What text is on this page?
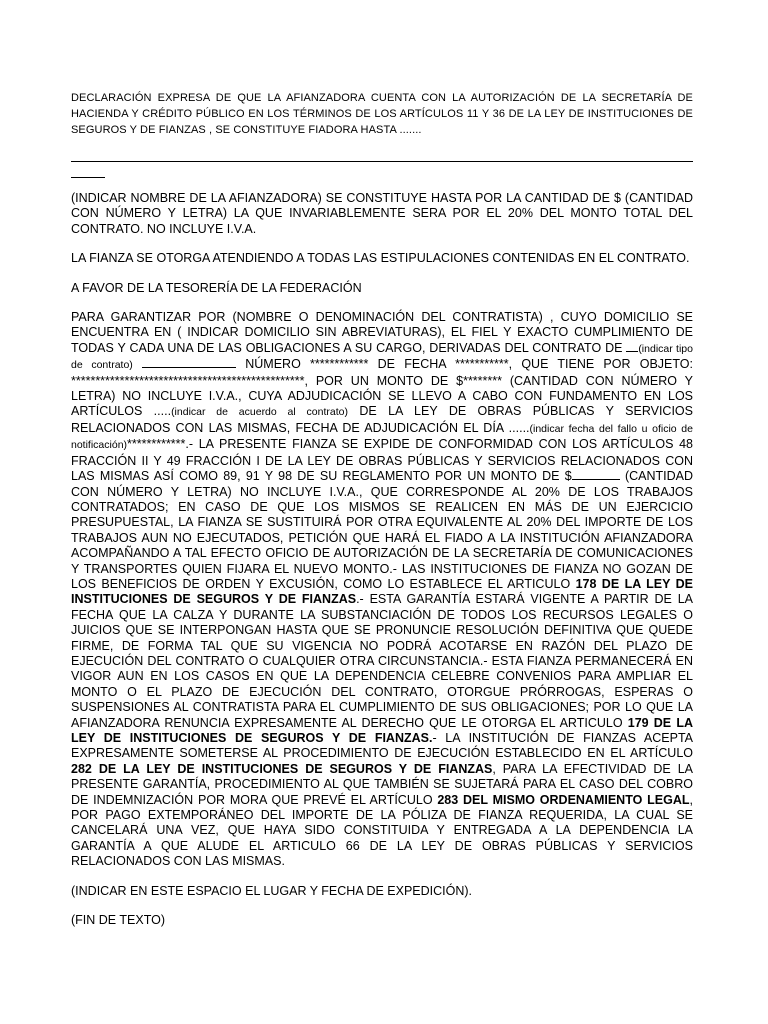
DECLARACIÓN EXPRESA DE QUE LA AFIANZADORA CUENTA CON LA AUTORIZACIÓN DE LA SECRETARÍA DE HACIENDA Y CRÉDITO PÚBLICO EN LOS TÉRMINOS DE LOS ARTÍCULOS 11 Y 36 DE LA LEY DE INSTITUCIONES DE SEGUROS Y DE FIANZAS , SE CONSTITUYE FIADORA HASTA .......

(INDICAR NOMBRE DE LA AFIANZADORA) SE CONSTITUYE HASTA POR LA CANTIDAD DE $ (CANTIDAD CON NÚMERO Y LETRA) LA QUE INVARIABLEMENTE SERA POR EL 20% DEL MONTO TOTAL DEL CONTRATO. NO INCLUYE I.V.A.

LA FIANZA SE OTORGA ATENDIENDO A TODAS LAS ESTIPULACIONES CONTENIDAS EN EL CONTRATO.

A FAVOR DE LA TESORERÍA DE LA FEDERACIÓN

PARA GARANTIZAR POR (NOMBRE O DENOMINACIÓN DEL CONTRATISTA) , CUYO DOMICILIO SE ENCUENTRA EN ( INDICAR DOMICILIO SIN ABREVIATURAS), EL FIEL Y EXACTO CUMPLIMIENTO DE TODAS Y CADA UNA DE LAS OBLIGACIONES A SU CARGO, DERIVADAS DEL CONTRATO DE (indicar tipo de contrato)	NÚMERO ************ DE FECHA ***********, QUE TIENE POR OBJETO: ************************************************, POR UN MONTO DE $******** (CANTIDAD CON NÚMERO Y LETRA) NO INCLUYE I.V.A., CUYA ADJUDICACIÓN SE LLEVO A CABO CON FUNDAMENTO EN LOS ARTÍCULOS .....(indicar de acuerdo al contrato) DE LA LEY DE OBRAS PÚBLICAS Y SERVICIOS RELACIONADOS CON LAS MISMAS, FECHA DE ADJUDICACIÓN EL DÍA ......(indicar fecha del fallo u oficio de notificación)************.- LA PRESENTE FIANZA SE EXPIDE DE CONFORMIDAD CON LOS ARTÍCULOS 48 FRACCIÓN II Y 49 FRACCIÓN I DE LA LEY DE OBRAS PÚBLICAS Y SERVICIOS RELACIONADOS CON LAS MISMAS ASÍ COMO 89, 91 Y 98 DE SU REGLAMENTO POR UN MONTO DE $	(CANTIDAD CON NÚMERO Y LETRA) NO INCLUYE I.V.A., QUE CORRESPONDE AL 20% DE LOS TRABAJOS CONTRATADOS; EN CASO DE QUE LOS MISMOS SE REALICEN EN MÁS DE UN EJERCICIO PRESUPUESTAL, LA FIANZA SE SUSTITUIRÁ POR OTRA EQUIVALENTE AL 20% DEL IMPORTE DE LOS TRABAJOS AUN NO EJECUTADOS, PETICIÓN QUE HARÁ EL FIADO A LA INSTITUCIÓN AFIANZADORA ACOMPAÑANDO A TAL EFECTO OFICIO DE AUTORIZACIÓN DE LA SECRETARÍA DE COMUNICACIONES Y TRANSPORTES QUIEN FIJARA EL NUEVO MONTO.- LAS INSTITUCIONES DE FIANZA NO GOZAN DE LOS BENEFICIOS DE ORDEN Y EXCUSIÓN, COMO LO ESTABLECE EL ARTICULO 178 DE LA LEY DE INSTITUCIONES DE SEGUROS Y DE FIANZAS.- ESTA GARANTÍA ESTARÁ VIGENTE A PARTIR DE LA FECHA QUE LA CALZA Y DURANTE LA SUBSTANCIACIÓN DE TODOS LOS RECURSOS LEGALES O JUICIOS QUE SE INTERPONGAN HASTA QUE SE PRONUNCIE RESOLUCIÓN DEFINITIVA QUE QUEDE FIRME, DE FORMA TAL QUE SU VIGENCIA NO PODRÁ ACOTARSE EN RAZÓN DEL PLAZO DE EJECUCIÓN DEL CONTRATO O CUALQUIER OTRA CIRCUNSTANCIA.- ESTA FIANZA PERMANECERÁ EN VIGOR AUN EN LOS CASOS EN QUE LA DEPENDENCIA CELEBRE CONVENIOS PARA AMPLIAR EL MONTO O EL PLAZO DE EJECUCIÓN DEL CONTRATO, OTORGUE PRÓRROGAS, ESPERAS O SUSPENSIONES AL CONTRATISTA PARA EL CUMPLIMIENTO DE SUS OBLIGACIONES; POR LO QUE LA AFIANZADORA RENUNCIA EXPRESAMENTE AL DERECHO QUE LE OTORGA EL ARTICULO 179 DE LA LEY DE INSTITUCIONES DE SEGUROS Y DE FIANZAS.- LA INSTITUCIÓN DE FIANZAS ACEPTA EXPRESAMENTE SOMETERSE AL PROCEDIMIENTO DE EJECUCIÓN ESTABLECIDO EN EL ARTÍCULO 282 DE LA LEY DE INSTITUCIONES DE SEGUROS Y DE FIANZAS, PARA LA EFECTIVIDAD DE LA PRESENTE GARANTÍA, PROCEDIMIENTO AL QUE TAMBIÉN SE SUJETARÁ PARA EL CASO DEL COBRO DE INDEMNIZACIÓN POR MORA QUE PREVÉ EL ARTÍCULO 283 DEL MISMO ORDENAMIENTO LEGAL, POR PAGO EXTEMPORÁNEO DEL IMPORTE DE LA PÓLIZA DE FIANZA REQUERIDA, LA CUAL SE CANCELARÁ UNA VEZ, QUE HAYA SIDO CONSTITUIDA Y ENTREGADA A LA DEPENDENCIA LA GARANTÍA A QUE ALUDE EL ARTICULO 66 DE LA LEY DE OBRAS PÚBLICAS Y SERVICIOS RELACIONADOS CON LAS MISMAS.

(INDICAR EN ESTE ESPACIO EL LUGAR Y FECHA DE EXPEDICIÓN).

(FIN DE TEXTO)
